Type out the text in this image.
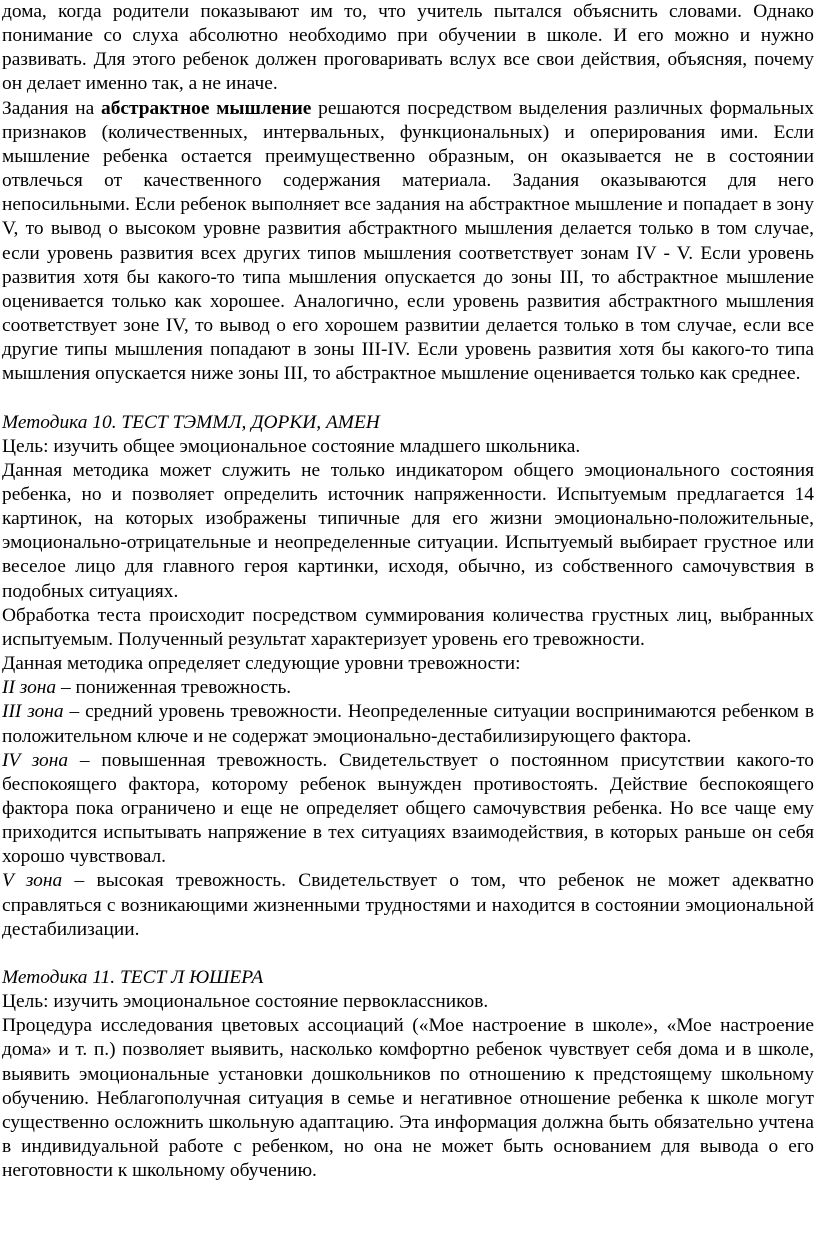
дома, когда родители показывают им то, что учитель пытался объяснить словами. Однако понимание со слуха абсолютно необходимо при обучении в школе. И его можно и нужно развивать. Для этого ребенок должен проговаривать вслух все свои действия, объясняя, почему он делает именно так, а не иначе.

Задания на абстрактное мышление решаются посредством выделения различных формальных признаков (количественных, интервальных, функциональных) и оперирования ими. Если мышление ребенка остается преимущественно образным, он оказывается не в состоянии отвлечься от качественного содержания материала. Задания оказываются для него непосильными. Если ребенок выполняет все задания на абстрактное мышление и попадает в зону V, то вывод о высоком уровне развития абстрактного мышления делается только в том случае, если уровень развития всех других типов мышления соответствует зонам IV - V. Если уровень развития хотя бы какого-то типа мышления опускается до зоны III, то абстрактное мышление оценивается только как хорошее. Аналогично, если уровень развития абстрактного мышления соответствует зоне IV, то вывод о его хорошем развитии делается только в том случае, если все другие типы мышления попадают в зоны III-IV. Если уровень развития хотя бы какого-то типа мышления опускается ниже зоны III, то абстрактное мышление оценивается только как среднее.

Методика 10. ТЕСТ ТЭММЛ, ДОРКИ, АМЕН

Цель: изучить общее эмоциональное состояние младшего школьника.

Данная методика может служить не только индикатором общего эмоционального состояния ребенка, но и позволяет определить источник напряженности. Испытуемым предлагается 14 картинок, на которых изображены типичные для его жизни эмоционально-положительные, эмоционально-отрицательные и неопределенные ситуации. Испытуемый выбирает грустное или веселое лицо для главного героя картинки, исходя, обычно, из собственного самочувствия в подобных ситуациях.

Обработка теста происходит посредством суммирования количества грустных лиц, выбранных испытуемым. Полученный результат характеризует уровень его тревожности.

Данная методика определяет следующие уровни тревожности:

II зона – пониженная тревожность.

III зона – средний уровень тревожности. Неопределенные ситуации воспринимаются ребенком в положительном ключе и не содержат эмоционально-дестабилизирующего фактора.

IV зона – повышенная тревожность. Свидетельствует о постоянном присутствии какого-то беспокоящего фактора, которому ребенок вынужден противостоять. Действие беспокоящего фактора пока ограничено и еще не определяет общего самочувствия ребенка. Но все чаще ему приходится испытывать напряжение в тех ситуациях взаимодействия, в которых раньше он себя хорошо чувствовал.

V зона – высокая тревожность. Свидетельствует о том, что ребенок не может адекватно справляться с возникающими жизненными трудностями и находится в состоянии эмоциональной дестабилизации.

Методика 11. ТЕСТ Л ЮШЕРА

Цель: изучить эмоциональное состояние первоклассников.

Процедура исследования цветовых ассоциаций («Мое настроение в школе», «Мое настроение дома» и т. п.) позволяет выявить, насколько комфортно ребенок чувствует себя дома и в школе, выявить эмоциональные установки дошкольников по отношению к предстоящему школьному обучению. Неблагополучная ситуация в семье и негативное отношение ребенка к школе могут существенно осложнить школьную адаптацию. Эта информация должна быть обязательно учтена в индивидуальной работе с ребенком, но она не может быть основанием для вывода о его неготовности к школьному обучению.
